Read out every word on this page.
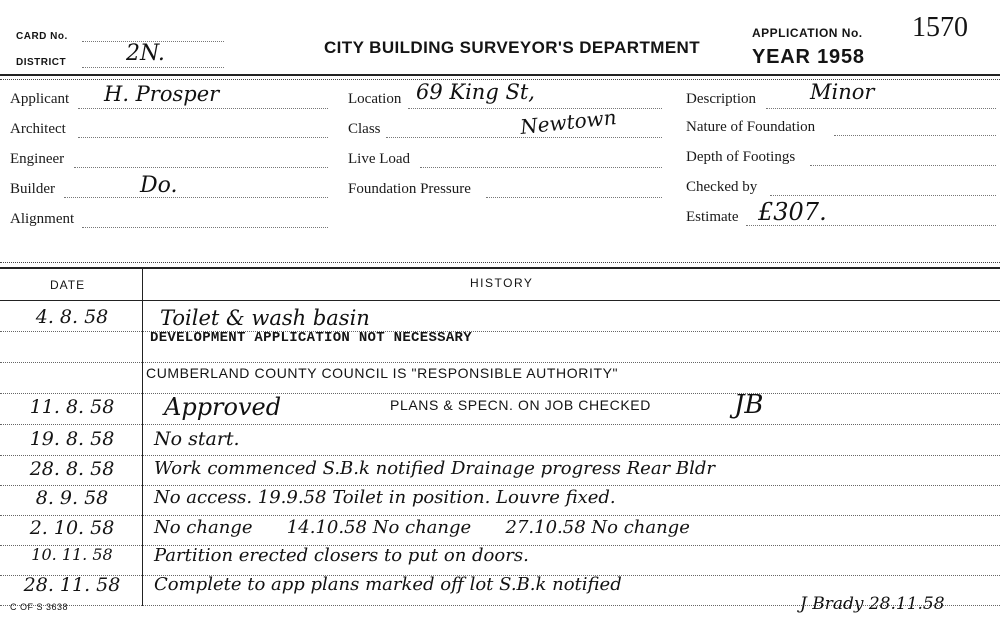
CARD No.
DISTRICT	2N.	CITY BUILDING SURVEYOR'S DEPARTMENT
APPLICATION No. 1570
YEAR 1958
Applicant H. Prosper
Architect
Engineer
Builder	Do.
Alignment
Location 69 King St,
Class	Newtown
Live Load
Foundation Pressure
Description	Minor
Nature of Foundation
Depth of Footings
Checked by
Estimate £307.
DATE	HISTORY
4. 8. 58	Toilet & wash basin
DEVELOPMENT APPLICATION NOT NECESSARY
CUMBERLAND COUNTY COUNCIL IS "RESPONSIBLE AUTHORITY"
11. 8. 58	Approved	PLANS & SPECN. ON JOB CHECKED	JB
19. 8. 58	No start.
28. 8. 58	Work commenced S.B.k notified Drainage progress Rear Bldr
8. 9. 58	No access. 19.9.58 Toilet in position. Louvre fixed.
2. 10. 58	No change      14.10.58 No change      27.10.58 No change
10. 11. 58	Partition erected closers to put on doors.
28. 11. 58	Complete to app plans marked off lot S.B.k notified
J Brady 28.11.58
C OF S 3638
